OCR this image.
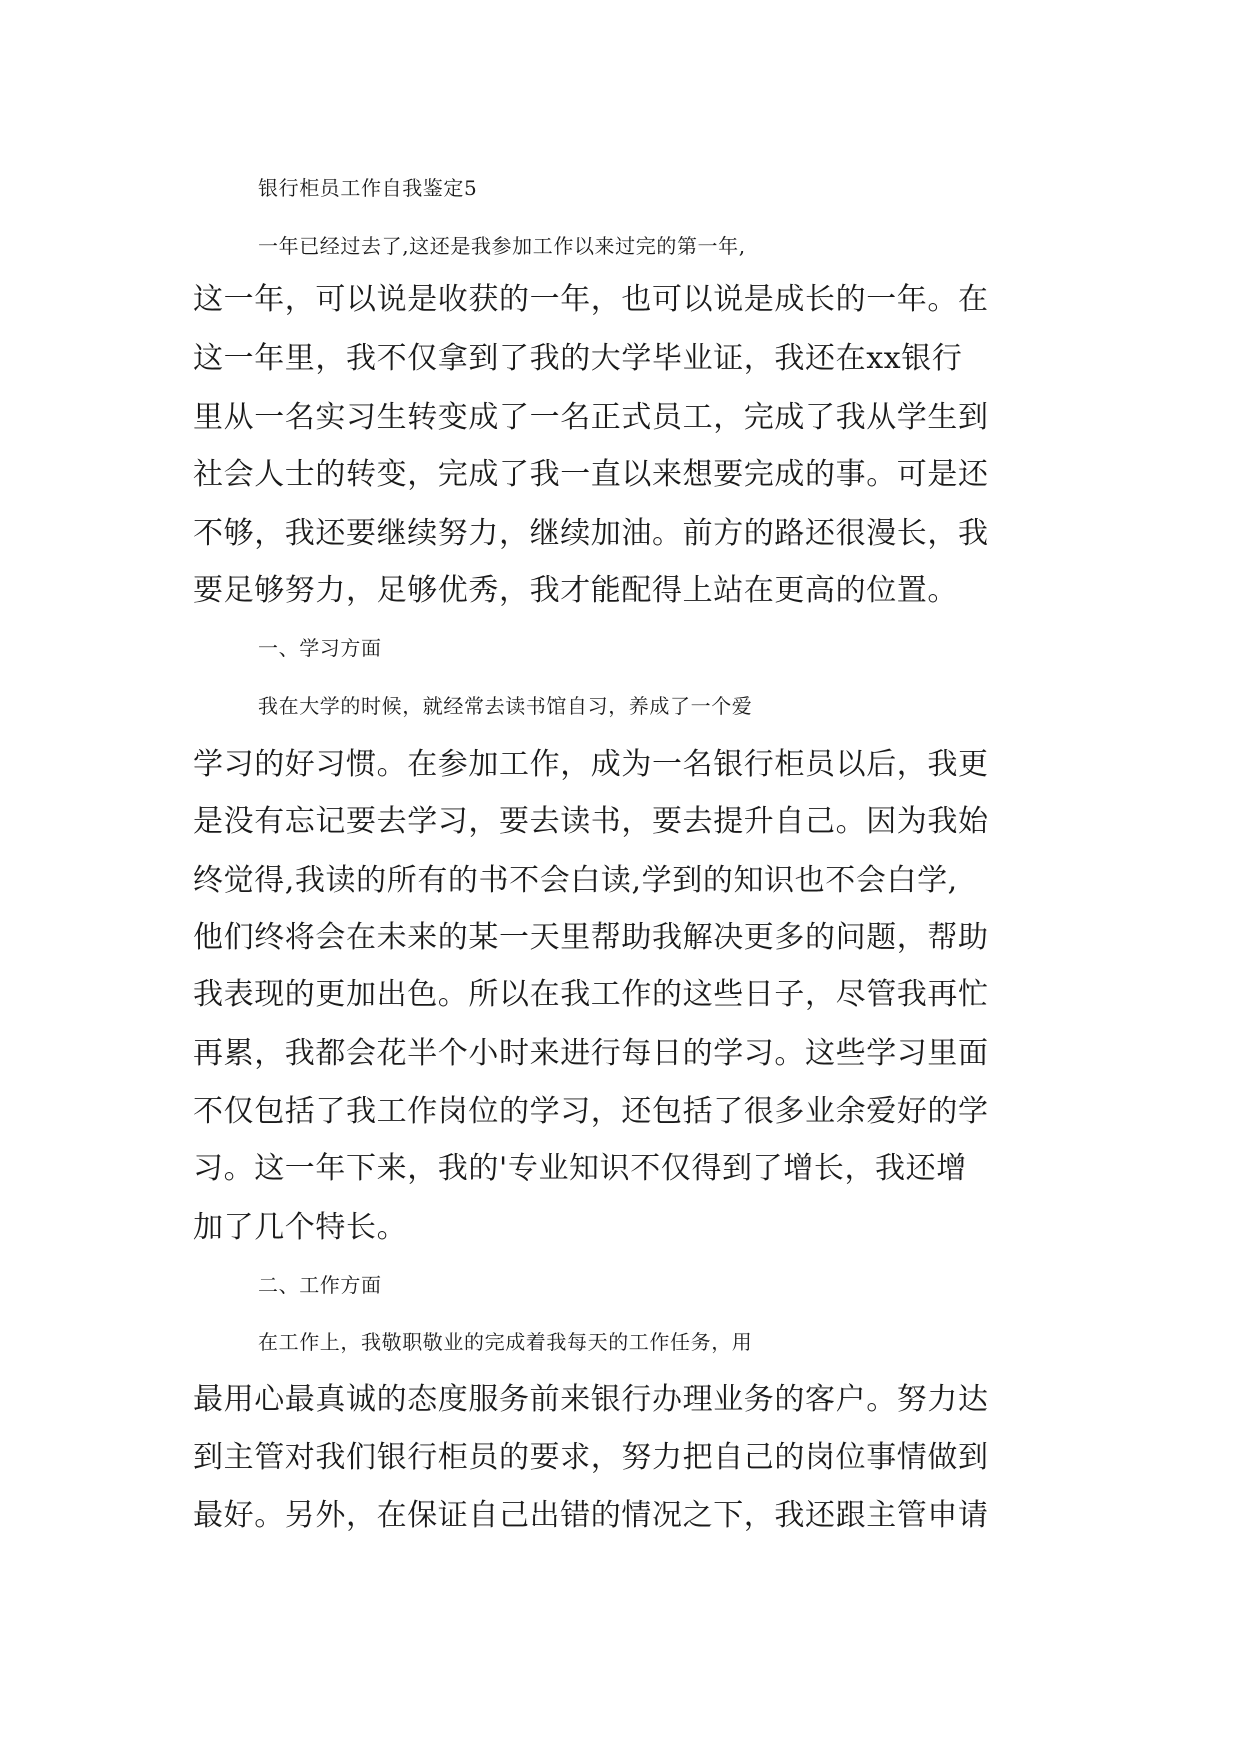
银行柜员工作自我鉴定5
一年已经过去了,这还是我参加工作以来过完的第一年,
这一年，可以说是收获的一年，也可以说是成长的一年。在
这一年里，我不仅拿到了我的大学毕业证，我还在xx银行
里从一名实习生转变成了一名正式员工，完成了我从学生到
社会人士的转变，完成了我一直以来想要完成的事。可是还
不够，我还要继续努力，继续加油。前方的路还很漫长，我
要足够努力，足够优秀，我才能配得上站在更高的位置。
一、学习方面
我在大学的时候，就经常去读书馆自习，养成了一个爱
学习的好习惯。在参加工作，成为一名银行柜员以后，我更
是没有忘记要去学习，要去读书，要去提升自己。因为我始
终觉得,我读的所有的书不会白读,学到的知识也不会白学,
他们终将会在未来的某一天里帮助我解决更多的问题，帮助
我表现的更加出色。所以在我工作的这些日子，尽管我再忙
再累，我都会花半个小时来进行每日的学习。这些学习里面
不仅包括了我工作岗位的学习，还包括了很多业余爱好的学
习。这一年下来，我的'专业知识不仅得到了增长，我还增
加了几个特长。
二、工作方面
在工作上，我敬职敬业的完成着我每天的工作任务，用
最用心最真诚的态度服务前来银行办理业务的客户。努力达
到主管对我们银行柜员的要求，努力把自己的岗位事情做到
最好。另外，在保证自己出错的情况之下，我还跟主管申请
